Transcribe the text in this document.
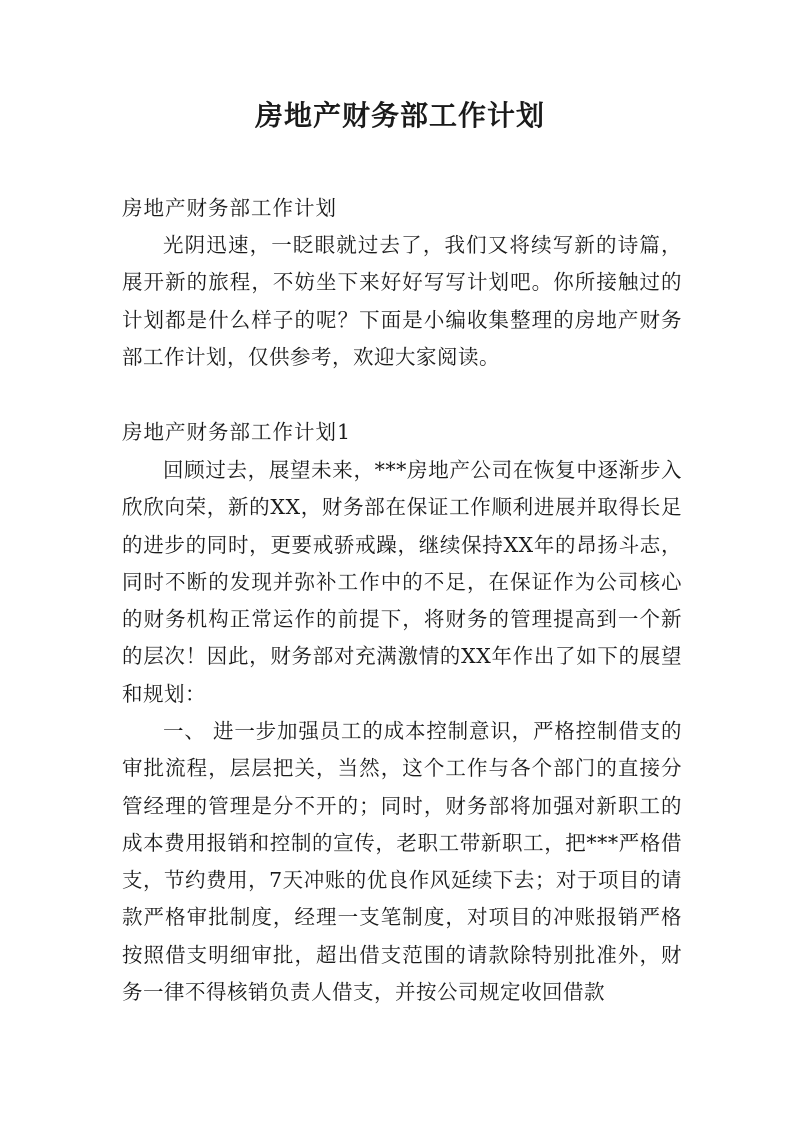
房地产财务部工作计划

房地产财务部工作计划

光阴迅速，一眨眼就过去了，我们又将续写新的诗篇，展开新的旅程，不妨坐下来好好写写计划吧。你所接触过的计划都是什么样子的呢？下面是小编收集整理的房地产财务部工作计划，仅供参考，欢迎大家阅读。

房地产财务部工作计划1

回顾过去，展望未来，***房地产公司在恢复中逐渐步入欣欣向荣，新的XX，财务部在保证工作顺利进展并取得长足的进步的同时，更要戒骄戒躁，继续保持XX年的昂扬斗志，同时不断的发现并弥补工作中的不足，在保证作为公司核心的财务机构正常运作的前提下，将财务的管理提高到一个新的层次！因此，财务部对充满激情的XX年作出了如下的展望和规划：

一、 进一步加强员工的成本控制意识，严格控制借支的审批流程，层层把关，当然，这个工作与各个部门的直接分管经理的管理是分不开的；同时，财务部将加强对新职工的成本费用报销和控制的宣传，老职工带新职工，把***严格借支，节约费用，7天冲账的优良作风延续下去；对于项目的请款严格审批制度，经理一支笔制度，对项目的冲账报销严格按照借支明细审批，超出借支范围的请款除特别批准外，财务一律不得核销负责人借支，并按公司规定收回借款
